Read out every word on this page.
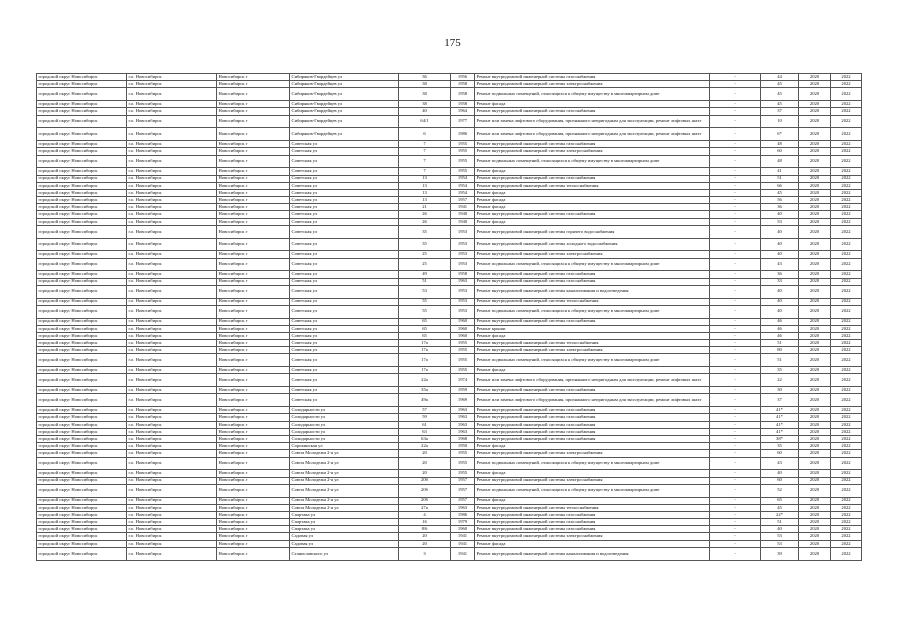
175
городской округ Новосибирск	г.о. Новосибирск	Новосибирск г	Сибиряков-Гвардейцев ул	36	1956	Ремонт внутридомовой инженерной системы газоснабжения	-	44	2020	2022
городской округ Новосибирск	г.о. Новосибирск	Новосибирск г	Сибиряков-Гвардейцев ул	38	1958	Ремонт внутридомовой инженерной системы электроснабжения	-	45	2020	2022
городской округ Новосибирск	г.о. Новосибирск	Новосибирск г	Сибиряков-Гвардейцев ул	38	1958	Ремонт подвальных помещений, относящихся к общему имуществу в многоквартирном доме	-	45	2020	2022
городской округ Новосибирск	г.о. Новосибирск	Новосибирск г	Сибиряков-Гвардейцев ул	38	1958	Ремонт фасада	-	45	2020	2022
городской округ Новосибирск	г.о. Новосибирск	Новосибирск г	Сибиряков-Гвардейцев ул	40	1964	Ремонт внутридомовой инженерной системы газоснабжения	-	37	2020	2022
городской округ Новосибирск	г.о. Новосибирск	Новосибирск г	Сибиряков-Гвардейцев ул	64/1	1977	Ремонт или замена лифтового оборудования, признанного непригодным для эксплуатации, ремонт лифтовых шахт	-	10	2020	2022
городской округ Новосибирск	г.о. Новосибирск	Новосибирск г	Сибиряков-Гвардейцев ул	6	1986	Ремонт или замена лифтового оборудования, признанного непригодным для эксплуатации, ремонт лифтовых шахт	-	6*	2020	2022
городской округ Новосибирск	г.о. Новосибирск	Новосибирск г	Советская ул	7	1955	Ремонт внутридомовой инженерной системы газоснабжения	-	48	2020	2022
городской округ Новосибирск	г.о. Новосибирск	Новосибирск г	Советская ул	7	1955	Ремонт внутридомовой инженерной системы электроснабжения	-	60	2020	2022
городской округ Новосибирск	г.о. Новосибирск	Новосибирск г	Советская ул	7	1955	Ремонт подвальных помещений, относящихся к общему имуществу в многоквартирном доме	-	48	2020	2022
городской округ Новосибирск	г.о. Новосибирск	Новосибирск г	Советская ул	7	1955	Ремонт фасада	-	41	2020	2022
городской округ Новосибирск	г.о. Новосибирск	Новосибирск г	Советская ул	13	1954	Ремонт внутридомовой инженерной системы газоснабжения	-	51	2020	2022
городской округ Новосибирск	г.о. Новосибирск	Новосибирск г	Советская ул	13	1954	Ремонт внутридомовой инженерной системы теплоснабжения	-	66	2020	2022
городской округ Новосибирск	г.о. Новосибирск	Новосибирск г	Советская ул	13	1954	Ремонт фасада	-	45	2020	2022
городской округ Новосибирск	г.о. Новосибирск	Новосибирск г	Советская ул	13	1957	Ремонт фасада	-	56	2020	2022
городской округ Новосибирск	г.о. Новосибирск	Новосибирск г	Советская ул	21	1941	Ремонт фасада	-	36	2020	2022
городской округ Новосибирск	г.о. Новосибирск	Новосибирск г	Советская ул	26	1940	Ремонт внутридомовой инженерной системы газоснабжения	-	40	2020	2022
городской округ Новосибирск	г.о. Новосибирск	Новосибирск г	Советская ул	26	1940	Ремонт фасада	-	53	2020	2022
городской округ Новосибирск	г.о. Новосибирск	Новосибирск г	Советская ул	35	1953	Ремонт внутридомовой инженерной системы горячего водоснабжения	-	40	2020	2022
городской округ Новосибирск	г.о. Новосибирск	Новосибирск г	Советская ул	35	1953	Ремонт внутридомовой инженерной системы холодного водоснабжения	-	40	2020	2022
городской округ Новосибирск	г.о. Новосибирск	Новосибирск г	Советская ул	25	1953	Ремонт внутридомовой инженерной системы электроснабжения	-	40	2020	2022
городской округ Новосибирск	г.о. Новосибирск	Новосибирск г	Советская ул	25	1953	Ремонт подвальных помещений, относящихся к общему имуществу в многоквартирном доме	-	43	2020	2022
городской округ Новосибирск	г.о. Новосибирск	Новосибирск г	Советская ул	49	1958	Ремонт внутридомовой инженерной системы газоснабжения	-	36	2020	2022
городской округ Новосибирск	г.о. Новосибирск	Новосибирск г	Советская ул	51	1963	Ремонт внутридомовой инженерной системы газоснабжения	-	33	2020	2022
городской округ Новосибирск	г.о. Новосибирск	Новосибирск г	Советская ул	53	1953	Ремонт внутридомовой инженерной системы канализования и водоотведения	-	40	2020	2022
городской округ Новосибирск	г.о. Новосибирск	Новосибирск г	Советская ул	55	1953	Ремонт внутридомовой инженерной системы теплоснабжения	-	40	2020	2022
городской округ Новосибирск	г.о. Новосибирск	Новосибирск г	Советская ул	55	1953	Ремонт подвальных помещений, относящихся к общему имуществу в многоквартирном доме	-	40	2020	2022
городской округ Новосибирск	г.о. Новосибирск	Новосибирск г	Советская ул	65	1960	Ремонт внутридомовой инженерной системы газоснабжения	-	46	2020	2022
городской округ Новосибирск	г.о. Новосибирск	Новосибирск г	Советская ул	65	1960	Ремонт крыши	-	46	2020	2022
городской округ Новосибирск	г.о. Новосибирск	Новосибирск г	Советская ул	65	1960	Ремонт фасада	-	46	2020	2022
городской округ Новосибирск	г.о. Новосибирск	Новосибирск г	Советская ул	17а	1955	Ремонт внутридомовой инженерной системы теплоснабжения	-	51	2020	2022
городской округ Новосибирск	г.о. Новосибирск	Новосибирск г	Советская ул	17а	1955	Ремонт внутридомовой инженерной системы электроснабжения	-	80	2020	2022
городской округ Новосибирск	г.о. Новосибирск	Новосибирск г	Советская ул	17а	1955	Ремонт подвальных помещений, относящихся к общему имуществу в многоквартирном доме	-	51	2020	2022
городской округ Новосибирск	г.о. Новосибирск	Новосибирск г	Советская ул	17а	1955	Ремонт фасада	-	35	2020	2022
городской округ Новосибирск	г.о. Новосибирск	Новосибирск г	Советская ул	22а	1974	Ремонт или замена лифтового оборудования, признанного непригодным для эксплуатации, ремонт лифтовых шахт	-	22	2020	2022
городской округ Новосибирск	г.о. Новосибирск	Новосибирск г	Советская ул	35а	1959	Ремонт внутридомовой инженерной системы газоснабжения	-	30	2020	2022
городской округ Новосибирск	г.о. Новосибирск	Новосибирск г	Советская ул	49а	1969	Ремонт или замена лифтового оборудования, признанного непригодным для эксплуатации, ремонт лифтовых шахт	-	37	2020	2022
городской округ Новосибирск	г.о. Новосибирск	Новосибирск г	Солидарности ул	57	1963	Ремонт внутридомовой инженерной системы газоснабжения	-	41*	2020	2022
городской округ Новосибирск	г.о. Новосибирск	Новосибирск г	Солидарности ул	59	1963	Ремонт внутридомовой инженерной системы газоснабжения	-	41*	2020	2022
городской округ Новосибирск	г.о. Новосибирск	Новосибирск г	Солидарности ул	61	1963	Ремонт внутридомовой инженерной системы газоснабжения	-	41*	2020	2022
городской округ Новосибирск	г.о. Новосибирск	Новосибирск г	Солидарности ул	63	1963	Ремонт внутридомовой инженерной системы газоснабжения	-	41*	2020	2022
городской округ Новосибирск	г.о. Новосибирск	Новосибирск г	Солидарности ул	63а	1968	Ремонт внутридомовой инженерной системы газоснабжения	-	38*	2020	2022
городской округ Новосибирск	г.о. Новосибирск	Новосибирск г	Сорокинская ул	22а	1950	Ремонт фасада	-	35	2020	2022
городской округ Новосибирск	г.о. Новосибирск	Новосибирск г	Союза Молодежи 2-я ул	20	1955	Ремонт внутридомовой инженерной системы электроснабжения	-	60	2020	2022
городской округ Новосибирск	г.о. Новосибирск	Новосибирск г	Союза Молодежи 2-я ул	20	1955	Ремонт подвальных помещений, относящихся к общему имуществу в многоквартирном доме	-	43	2020	2022
городской округ Новосибирск	г.о. Новосибирск	Новосибирск г	Союза Молодежи 2-я ул	20	1955	Ремонт фасада	-	40	2020	2022
городской округ Новосибирск	г.о. Новосибирск	Новосибирск г	Союза Молодежи 2-я ул	20б	1957	Ремонт внутридомовой инженерной системы электроснабжения	-	60	2020	2022
городской округ Новосибирск	г.о. Новосибирск	Новосибирск г	Союза Молодежи 2-я ул	20б	1957	Ремонт подвальных помещений, относящихся к общему имуществу в многоквартирном доме	-	52	2020	2022
городской округ Новосибирск	г.о. Новосибирск	Новосибирск г	Союза Молодежи 2-я ул	20б	1957	Ремонт фасада	-	65	2020	2022
городской округ Новосибирск	г.о. Новосибирск	Новосибирск г	Союза Молодежи 2-я ул	27а	1963	Ремонт внутридомовой инженерной системы теплоснабжения	-	45	2020	2022
городской округ Новосибирск	г.о. Новосибирск	Новосибирск г	Спартака ул	4	1986	Ремонт внутридомовой инженерной системы газоснабжения	-	22*	2020	2022
городской округ Новосибирск	г.о. Новосибирск	Новосибирск г	Спартака ул	16	1979	Ремонт внутридомовой инженерной системы газоснабжения	-	51	2020	2022
городской округ Новосибирск	г.о. Новосибирск	Новосибирск г	Спартака ул	8/6	1960	Ремонт внутридомовой инженерной системы газоснабжения	-	40	2020	2022
городской округ Новосибирск	г.о. Новосибирск	Новосибирск г	Садовая ул	20	1941	Ремонт внутридомовой инженерной системы электроснабжения	-	53	2020	2022
городской округ Новосибирск	г.о. Новосибирск	Новосибирск г	Садовая ул	20	1941	Ремонт фасада	-	53	2020	2022
городской округ Новосибирск	г.о. Новосибирск	Новосибирск г	Станиславского ул	3	1941	Ремонт внутридомовой инженерной системы канализования и водоотведения	-	39	2020	2022
